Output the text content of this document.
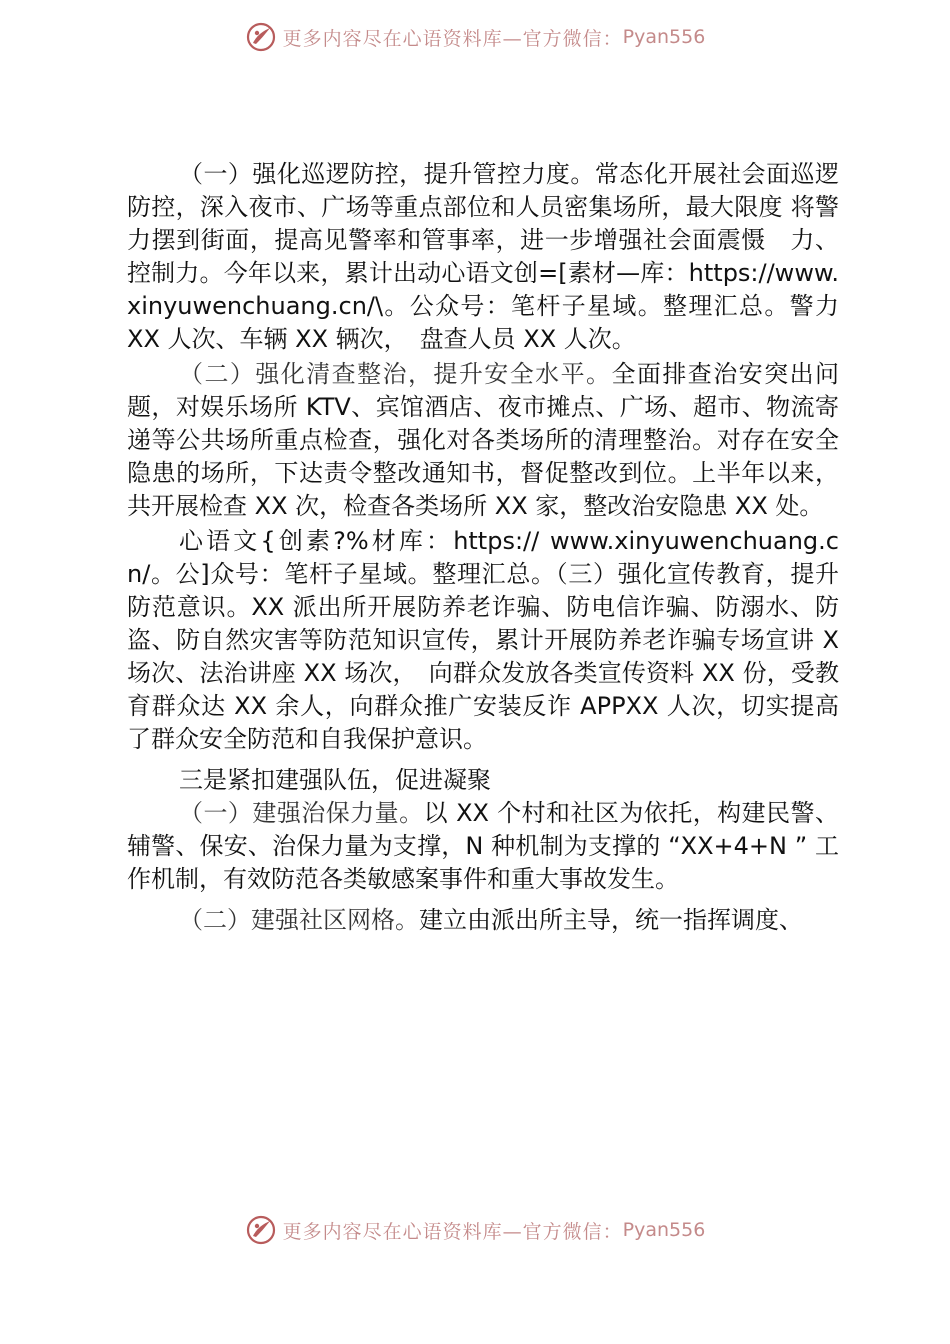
更多内容尽在心语资料库—官方微信： Pyan556

（一）强化巡逻防控，提升管控力度。常态化开展社会面巡逻防控，深入夜市、广场等重点部位和人员密集场所，最大限度 将警力摆到街面，提高见警率和管事率，进一步增强社会面震慑　力、控制力。今年以来，累计出动心语文创=[素材—库：https://www.xinyuwenchuang.cn/\。公众号：笔杆子星域。整理汇总。警力 XX 人次、车辆 XX 辆次，　盘查人员 XX 人次。

（二）强化清查整治，提升安全水平。全面排查治安突出问题，对娱乐场所 KTV、宾馆酒店、夜市摊点、广场、超市、物流寄递等公共场所重点检查，强化对各类场所的清理整治。对存在安全隐患的场所，下达责令整改通知书，督促整改到位。上半年以来，共开展检查 XX 次，检查各类场所 XX 家，整改治安隐患 XX 处。

心语文{创素?%材库：https:// www.xinyuwenchuang.cn/。公]众号：笔杆子星域。整理汇总。（三）强化宣传教育，提升防范意识。XX 派出所开展防养老诈骗、防电信诈骗、防溺水、防盗、防自然灾害等防范知识宣传，累计开展防养老诈骗专场宣讲 X 场次、法治讲座 XX 场次，　向群众发放各类宣传资料 XX 份，受教育群众达 XX 余人，向群众推广安装反诈 APPXX 人次，切实提高了群众安全防范和自我保护意识。

三是紧扣建强队伍，促进凝聚

（一）建强治保力量。以 XX 个村和社区为依托，构建民警、辅警、保安、治保力量为支撑，N 种机制为支撑的 “XX+4+N ” 工作机制，有效防范各类敏感案事件和重大事故发生。

（二）建强社区网格。建立由派出所主导，统一指挥调度、

更多内容尽在心语资料库—官方微信： Pyan556
